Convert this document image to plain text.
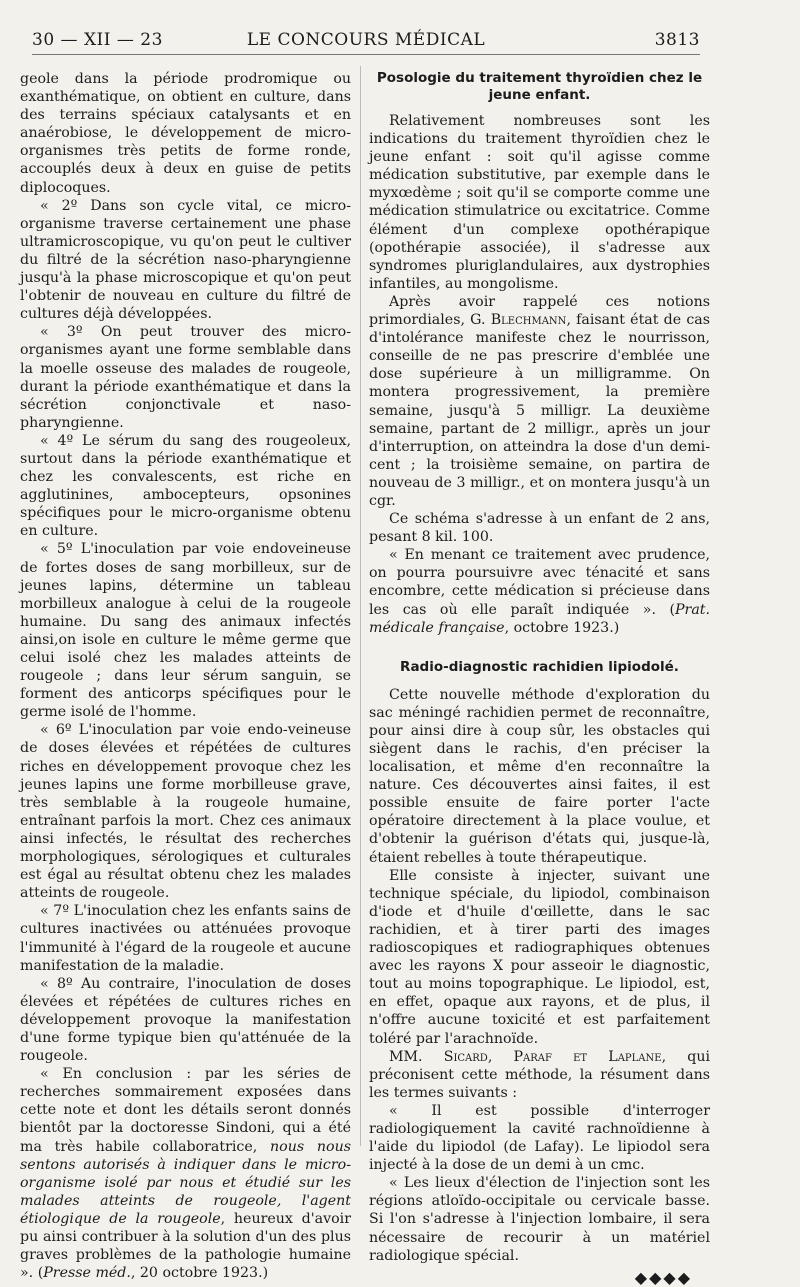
30 — XII — 23	LE CONCOURS MÉDICAL	3813

geole dans la période prodromique ou exanthématique, on obtient en culture, dans des terrains spéciaux catalysants et en anaérobiose, le développement de micro-organismes très petits de forme ronde, accouplés deux à deux en guise de petits diplocoques.

« 2º Dans son cycle vital, ce micro-organisme traverse certainement une phase ultramicroscopique, vu qu'on peut le cultiver du filtré de la sécrétion naso-pharyngienne jusqu'à la phase microscopique et qu'on peut l'obtenir de nouveau en culture du filtré de cultures déjà développées.

« 3º On peut trouver des micro-organismes ayant une forme semblable dans la moelle osseuse des malades de rougeole, durant la période exanthématique et dans la sécrétion conjonctivale et naso-pharyngienne.

« 4º Le sérum du sang des rougeoleux, surtout dans la période exanthématique et chez les convalescents, est riche en agglutinines, ambocepteurs, opsonines spécifiques pour le micro-organisme obtenu en culture.

« 5º L'inoculation par voie endoveineuse de fortes doses de sang morbilleux, sur de jeunes lapins, détermine un tableau morbilleux analogue à celui de la rougeole humaine. Du sang des animaux infectés ainsi,on isole en culture le même germe que celui isolé chez les malades atteints de rougeole ; dans leur sérum sanguin, se forment des anticorps spécifiques pour le germe isolé de l'homme.

« 6º L'inoculation par voie endo-veineuse de doses élevées et répétées de cultures riches en développement provoque chez les jeunes lapins une forme morbilleuse grave, très semblable à la rougeole humaine, entraînant parfois la mort. Chez ces animaux ainsi infectés, le résultat des recherches morphologiques, sérologiques et culturales est égal au résultat obtenu chez les malades atteints de rougeole.

« 7º L'inoculation chez les enfants sains de cultures inactivées ou atténuées provoque l'immunité à l'égard de la rougeole et aucune manifestation de la maladie.

« 8º Au contraire, l'inoculation de doses élevées et répétées de cultures riches en développement provoque la manifestation d'une forme typique bien qu'atténuée de la rougeole.

« En conclusion : par les séries de recherches sommairement exposées dans cette note et dont les détails seront donnés bientôt par la doctoresse Sindoni, qui a été ma très habile collaboratrice, nous nous sentons autorisés à indiquer dans le micro-organisme isolé par nous et étudié sur les malades atteints de rougeole, l'agent étiologique de la rougeole, heureux d'avoir pu ainsi contribuer à la solution d'un des plus graves problèmes de la pathologie humaine ». (Presse méd., 20 octobre 1923.)

Posologie du traitement thyroïdien chez le jeune enfant.

Relativement nombreuses sont les indications du traitement thyroïdien chez le jeune enfant : soit qu'il agisse comme médication substitutive, par exemple dans le myxœdème ; soit qu'il se comporte comme une médication stimulatrice ou excitatrice. Comme élément d'un complexe opothérapique (opothérapie associée), il s'adresse aux syndromes pluriglandulaires, aux dystrophies infantiles, au mongolisme.

Après avoir rappelé ces notions primordiales, G. Blechmann, faisant état de cas d'intolérance manifeste chez le nourrisson, conseille de ne pas prescrire d'emblée une dose supérieure à un milligramme. On montera progressivement, la première semaine, jusqu'à 5 milligr. La deuxième semaine, partant de 2 milligr., après un jour d'interruption, on atteindra la dose d'un demi-cent ; la troisième semaine, on partira de nouveau de 3 milligr., et on montera jusqu'à un cgr.

Ce schéma s'adresse à un enfant de 2 ans, pesant 8 kil. 100.

« En menant ce traitement avec prudence, on pourra poursuivre avec ténacité et sans encombre, cette médication si précieuse dans les cas où elle paraît indiquée ». (Prat. médicale française, octobre 1923.)

Radio-diagnostic rachidien lipiodolé.

Cette nouvelle méthode d'exploration du sac méningé rachidien permet de reconnaître, pour ainsi dire à coup sûr, les obstacles qui siègent dans le rachis, d'en préciser la localisation, et même d'en reconnaître la nature. Ces découvertes ainsi faites, il est possible ensuite de faire porter l'acte opératoire directement à la place voulue, et d'obtenir la guérison d'états qui, jusque-là, étaient rebelles à toute thérapeutique.

Elle consiste à injecter, suivant une technique spéciale, du lipiodol, combinaison d'iode et d'huile d'œillette, dans le sac rachidien, et à tirer parti des images radioscopiques et radiographiques obtenues avec les rayons X pour asseoir le diagnostic, tout au moins topographique. Le lipiodol, est, en effet, opaque aux rayons, et de plus, il n'offre aucune toxicité et est parfaitement toléré par l'arachnoïde.

MM. Sicard, Paraf et Laplane, qui préconisent cette méthode, la résument dans les termes suivants :

« Il est possible d'interroger radiologiquement la cavité rachnoïdienne à l'aide du lipiodol (de Lafay). Le lipiodol sera injecté à la dose de un demi à un cmc.

« Les lieux d'élection de l'injection sont les régions atloïdo-occipitale ou cervicale basse. Si l'on s'adresse à l'injection lombaire, il sera nécessaire de recourir à un matériel radiologique spécial.

◆◆◆◆
